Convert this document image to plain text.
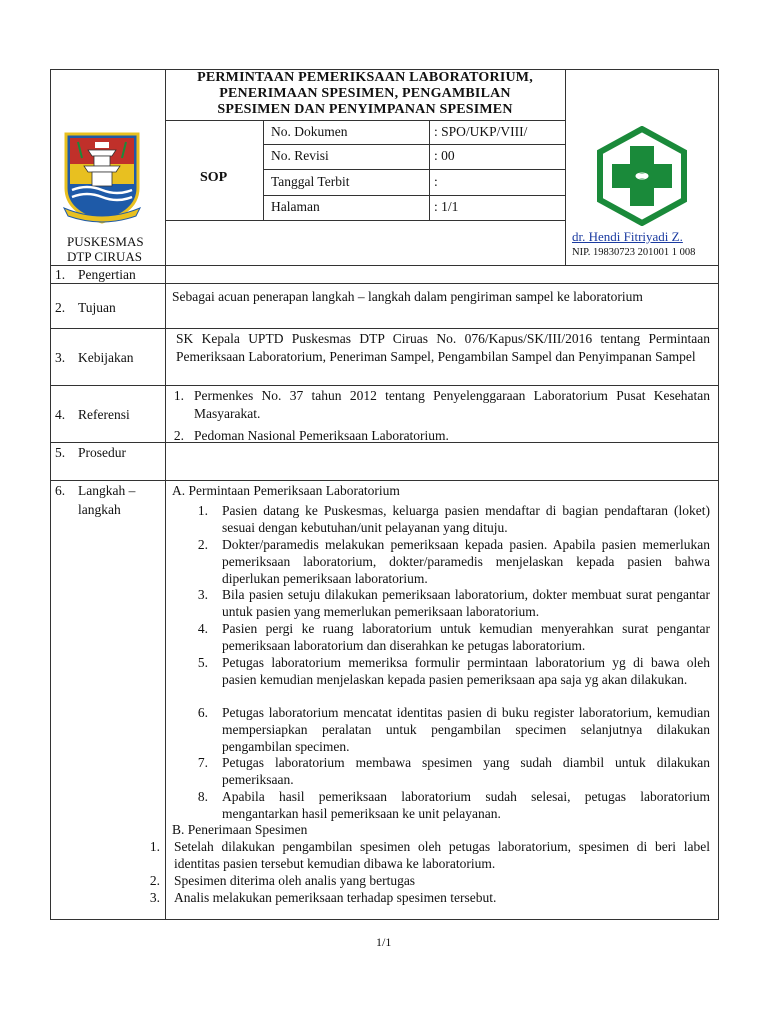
PERMINTAAN PEMERIKSAAN LABORATORIUM,
PENERIMAAN SPESIMEN, PENGAMBILAN
SPESIMEN DAN PENYIMPANAN SPESIMEN
SOP
No. Dokumen	: SPO/UKP/VIII/
No. Revisi	: 00
Tanggal Terbit	:
Halaman	: 1/1
PUSKESMAS
DTP CIRUAS
dr. Hendi Fitriyadi Z.
NIP. 19830723 201001 1 008
1. Pengertian
2. Tujuan
Sebagai acuan penerapan langkah – langkah dalam pengiriman sampel ke laboratorium
3. Kebijakan
SK Kepala UPTD Puskesmas DTP Ciruas No. 076/Kapus/SK/III/2016 tentang Permintaan Pemeriksaan Laboratorium, Peneriman Sampel, Pengambilan Sampel dan Penyimpanan Sampel
4. Referensi
1. Permenkes No. 37 tahun 2012 tentang Penyelenggaraan Laboratorium Pusat Kesehatan Masyarakat.
2. Pedoman Nasional Pemeriksaan Laboratorium.
5. Prosedur
6. Langkah –
langkah
A. Permintaan Pemeriksaan Laboratorium
1. Pasien datang ke Puskesmas, keluarga pasien mendaftar di bagian pendaftaran (loket) sesuai dengan kebutuhan/unit pelayanan yang dituju.
2. Dokter/paramedis melakukan pemeriksaan kepada pasien. Apabila pasien memerlukan pemeriksaan laboratorium, dokter/paramedis menjelaskan kepada pasien bahwa diperlukan pemeriksaan laboratorium.
3. Bila pasien setuju dilakukan pemeriksaan laboratorium, dokter membuat surat pengantar untuk pasien yang memerlukan pemeriksaan laboratorium.
4. Pasien pergi ke ruang laboratorium untuk kemudian menyerahkan surat pengantar pemeriksaan laboratorium dan diserahkan ke petugas laboratorium.
5. Petugas laboratorium memeriksa formulir permintaan laboratorium yg di bawa oleh pasien kemudian menjelaskan kepada pasien pemeriksaan apa saja yg akan dilakukan.
6. Petugas laboratorium mencatat identitas pasien di buku register laboratorium, kemudian mempersiapkan peralatan untuk pengambilan specimen selanjutnya dilakukan pengambilan specimen.
7. Petugas laboratorium membawa spesimen yang sudah diambil untuk dilakukan pemeriksaan.
8. Apabila hasil pemeriksaan laboratorium sudah selesai, petugas laboratorium mengantarkan hasil pemeriksaan ke unit pelayanan.
B. Penerimaan Spesimen
1. Setelah dilakukan pengambilan spesimen oleh petugas laboratorium, spesimen di beri label identitas pasien tersebut kemudian dibawa ke laboratorium.
2. Spesimen diterima oleh analis yang bertugas
3. Analis melakukan pemeriksaan terhadap spesimen tersebut.
1/1
